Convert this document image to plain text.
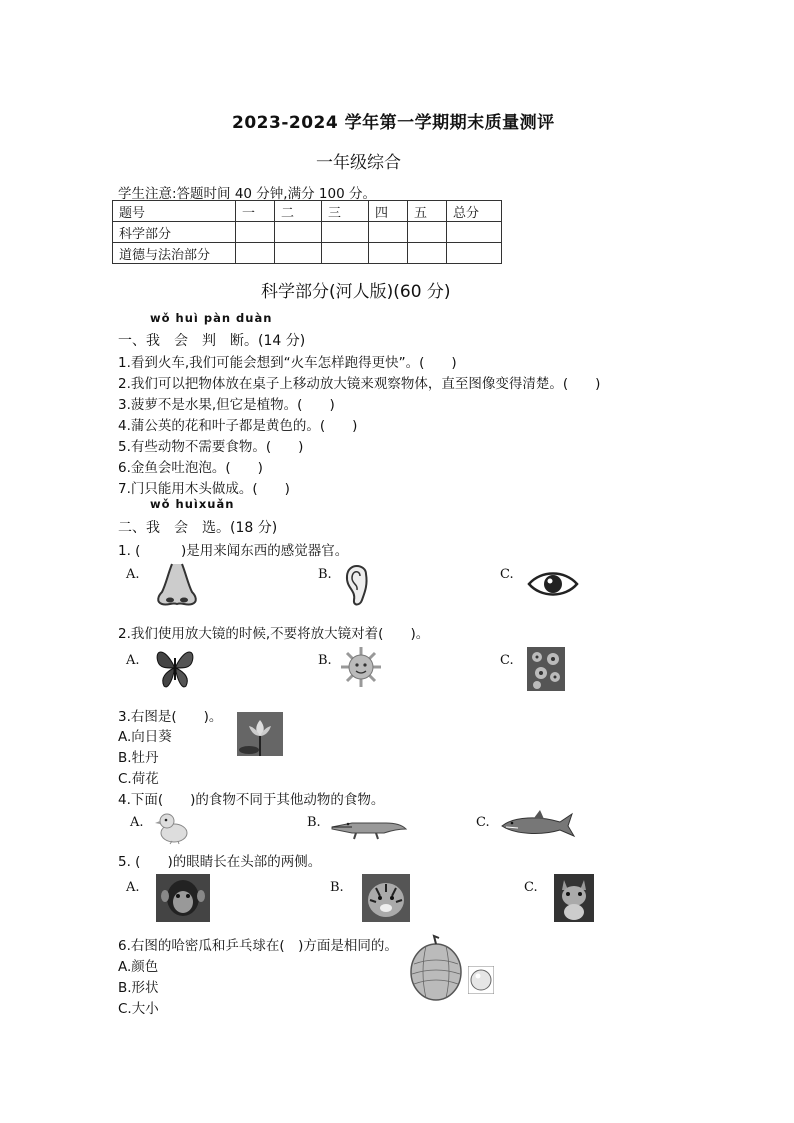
2023-2024 学年第一学期期末质量测评
一年级综合
学生注意:答题时间 40 分钟,满分 100 分。
题号	一	二	三	四	五	总分
科学部分						
道德与法治部分						
科学部分(河人版)(60 分)
wǒ huì pàn duàn
一、我　会　判　断。(14 分)
1.看到火车,我们可能会想到“火车怎样跑得更快”。(　　)
2.我们可以把物体放在桌子上移动放大镜来观察物体，直至图像变得清楚。(　　)
3.菠萝不是水果,但它是植物。(　　)
4.蒲公英的花和叶子都是黄色的。(　　)
5.有些动物不需要食物。(　　)
6.金鱼会吐泡泡。(　　)
7.门只能用木头做成。(　　)
wǒ huìxuǎn
二、我　会　选。(18 分)
1. (　　　)是用来闻东西的感觉器官。
A.	B.	C.
2.我们使用放大镜的时候,不要将放大镜对着(　　)。
A.	B.	C.
3.右图是(　　)。
A.向日葵
B.牡丹
C.荷花
4.下面(　　)的食物不同于其他动物的食物。
A.	B.	C.
5. (　　)的眼睛长在头部的两侧。
A.	B.	C.
6.右图的哈密瓜和乒乓球在(　)方面是相同的。
A.颜色
B.形状
C.大小
